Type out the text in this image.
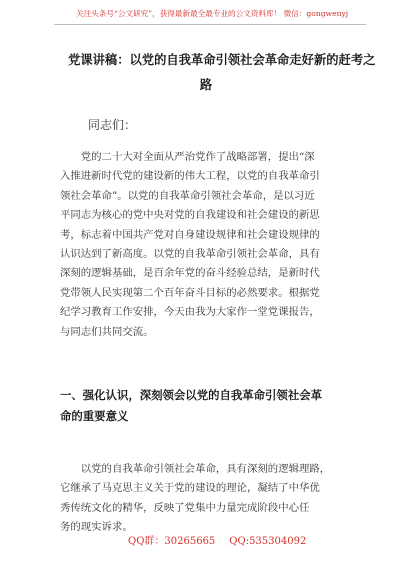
关注头条号“公文研究”，获得最新最全最专业的公文资料库！ 微信：gongwenyj
党课讲稿：以党的自我革命引领社会革命走好新的赶考之
路
同志们：
　　党的二十大对全面从严治党作了战略部署，提出“深
入推进新时代党的建设新的伟大工程，以党的自我革命引
领社会革命”。以党的自我革命引领社会革命，是以习近
平同志为核心的党中央对党的自我建设和社会建设的新思
考，标志着中国共产党对自身建设规律和社会建设规律的
认识达到了新高度。以党的自我革命引领社会革命，具有
深刻的逻辑基础，是百余年党的奋斗经验总结，是新时代
党带领人民实现第二个百年奋斗目标的必然要求。根据党
纪学习教育工作安排，今天由我为大家作一堂党课报告，
与同志们共同交流。
一、强化认识，深刻领会以党的自我革命引领社会革
命的重要意义
　　以党的自我革命引领社会革命，具有深刻的逻辑理路，
它继承了马克思主义关于党的建设的理论，凝结了中华优
秀传统文化的精华，反映了党集中力量完成阶段中心任
务的现实诉求。
QQ群：30265665 QQ:535304092
